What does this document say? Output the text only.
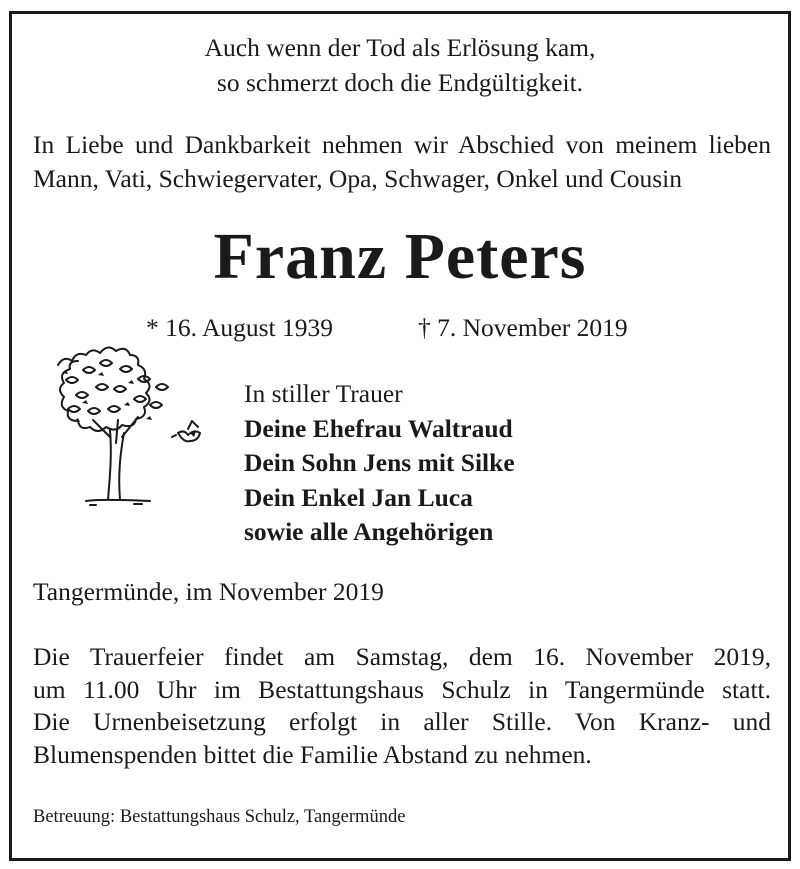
Auch wenn der Tod als Erlösung kam,
so schmerzt doch die Endgültigkeit.
In Liebe und Dankbarkeit nehmen wir Abschied von meinem lieben Mann, Vati, Schwiegervater, Opa, Schwager, Onkel und Cousin
Franz Peters
* 16. August 1939	† 7. November 2019
In stiller Trauer
Deine Ehefrau Waltraud
Dein Sohn Jens mit Silke
Dein Enkel Jan Luca
sowie alle Angehörigen
Tangermünde, im November 2019
Die Trauerfeier findet am Samstag, dem 16. November 2019,
um 11.00 Uhr im Bestattungshaus Schulz in Tangermünde statt.
Die Urnenbeisetzung erfolgt in aller Stille. Von Kranz- und
Blumenspenden bittet die Familie Abstand zu nehmen.
Betreuung: Bestattungshaus Schulz, Tangermünde
